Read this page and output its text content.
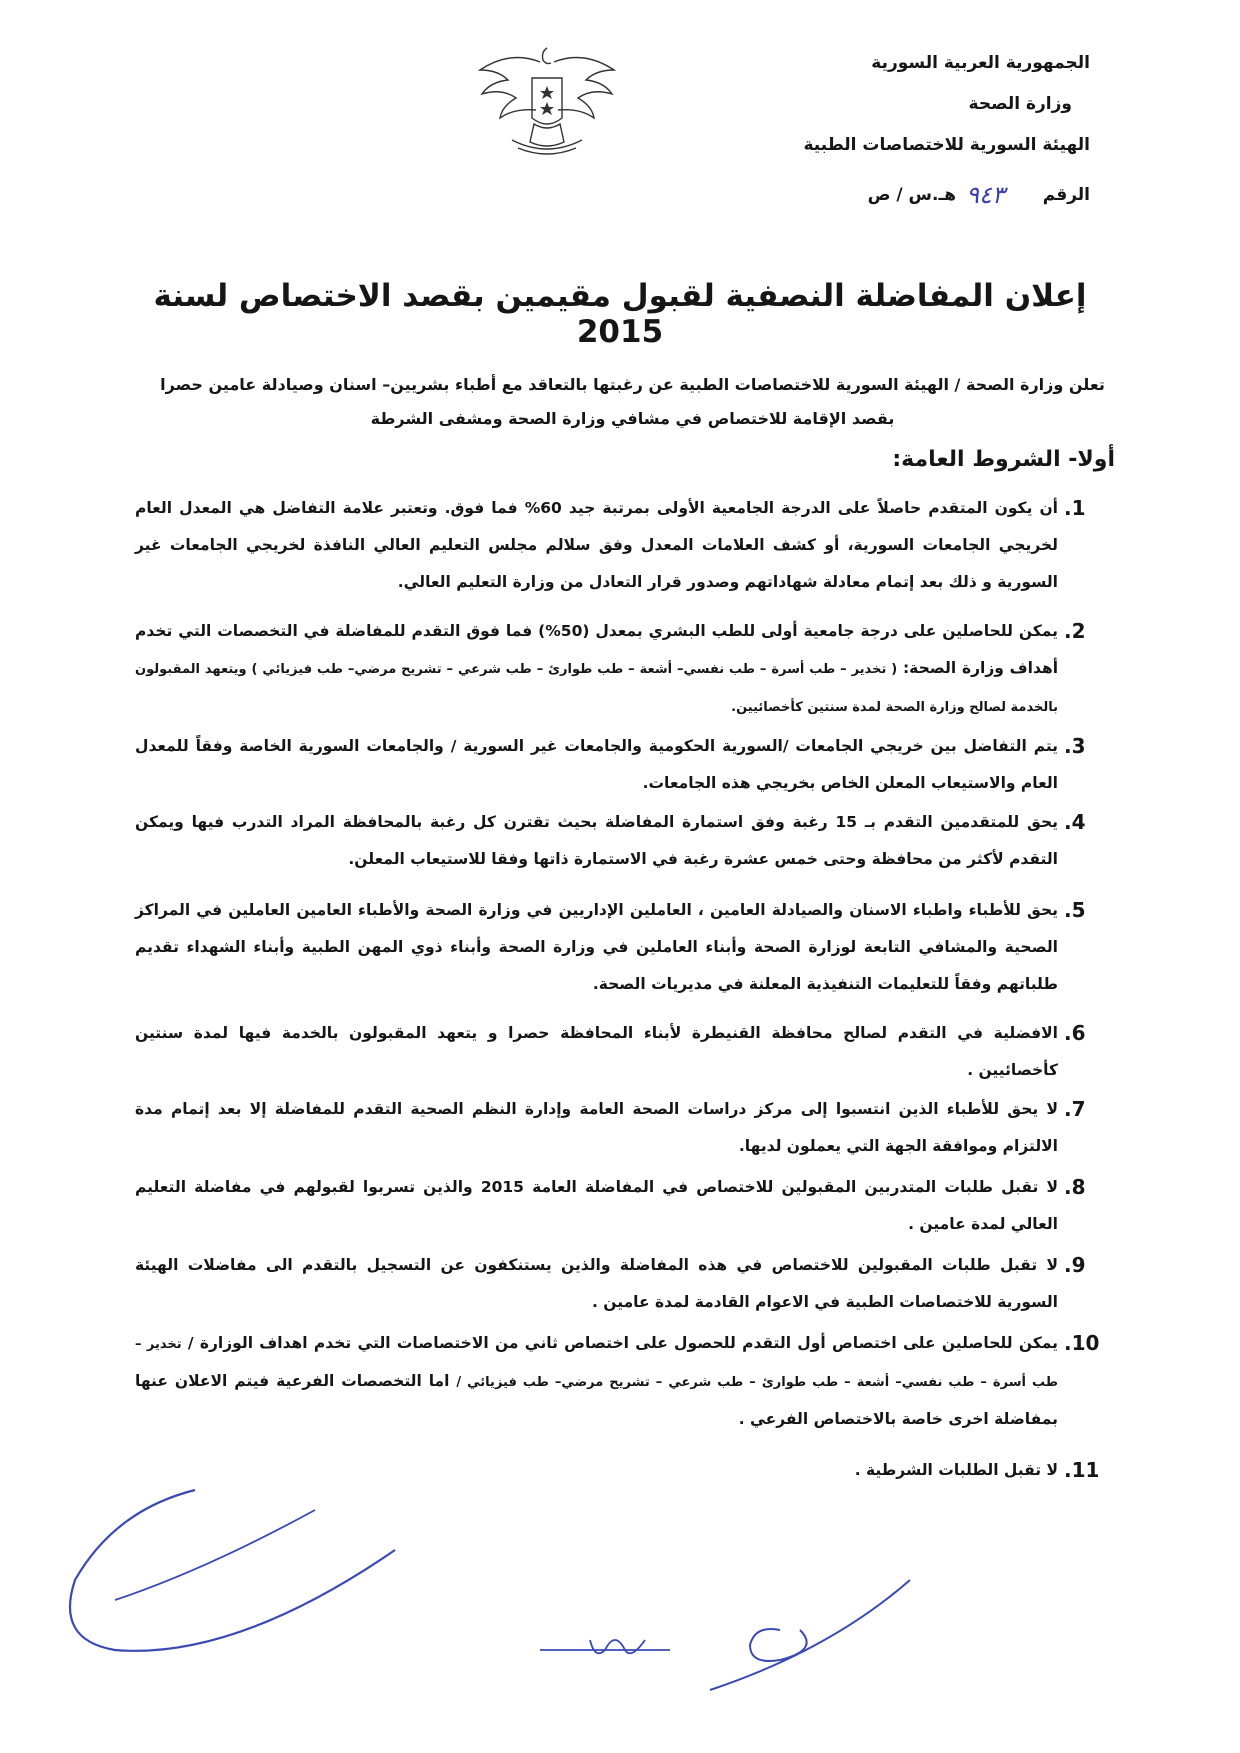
الجمهورية العربية السورية
وزارة الصحة
الهيئة السورية للاختصاصات الطبية
الرقم
٩٤٣
هـ.س / ص
إعلان المفاضلة النصفية لقبول مقيمين بقصد الاختصاص لسنة 2015
تعلن وزارة الصحة / الهيئة السورية للاختصاصات الطبية عن رغبتها بالتعاقد مع أطباء بشريين– اسنان وصيادلة عامين حصرا بقصد الإقامة للاختصاص في مشافي وزارة الصحة ومشفى الشرطة
أولا- الشروط العامة:
1.
أن يكون المتقدم حاصلاً على الدرجة الجامعية الأولى بمرتبة جيد 60% فما فوق. وتعتبر علامة التفاضل هي المعدل العام لخريجي الجامعات السورية، أو كشف العلامات المعدل وفق سلالم مجلس التعليم العالي النافذة لخريجي الجامعات غير السورية و ذلك بعد إتمام معادلة شهاداتهم وصدور قرار التعادل من وزارة التعليم العالي.
2.
يمكن للحاصلين على درجة جامعية أولى للطب البشري بمعدل (50%) فما فوق التقدم للمفاضلة في التخصصات التي تخدم أهداف وزارة الصحة: ( تخدير – طب أسرة – طب نفسي– أشعة – طب طوارئ – طب شرعي – تشريح مرضي– طب فيزيائي ) ويتعهد المقبولون بالخدمة لصالح وزارة الصحة لمدة سنتين كأخصائيين.
3.
يتم التفاضل بين خريجي الجامعات /السورية الحكومية والجامعات غير السورية / والجامعات السورية الخاصة وفقاً للمعدل العام والاستيعاب المعلن الخاص بخريجي هذه الجامعات.
4.
يحق للمتقدمين التقدم بـ 15 رغبة وفق استمارة المفاضلة بحيث تقترن كل رغبة بالمحافظة المراد التدرب فيها ويمكن التقدم لأكثر من محافظة وحتى خمس عشرة رغبة في الاستمارة ذاتها وفقا للاستيعاب المعلن.
5.
يحق للأطباء واطباء الاسنان والصيادلة العامين ، العاملين الإداريين في وزارة الصحة والأطباء العامين العاملين في المراكز الصحية والمشافي التابعة لوزارة الصحة وأبناء العاملين في وزارة الصحة وأبناء ذوي المهن الطبية وأبناء الشهداء تقديم طلباتهم وفقاً للتعليمات التنفيذية المعلنة في مديريات الصحة.
6.
الافضلية في التقدم لصالح محافظة القنيطرة لأبناء المحافظة حصرا و يتعهد المقبولون بالخدمة فيها لمدة سنتين كأخصائيين .
7.
لا يحق للأطباء الذين انتسبوا إلى مركز دراسات الصحة العامة وإدارة النظم الصحية التقدم للمفاضلة إلا بعد إتمام مدة الالتزام وموافقة الجهة التي يعملون لديها.
8.
لا تقبل طلبات المتدربين المقبولين للاختصاص في المفاضلة العامة 2015 والذين تسربوا لقبولهم في مفاضلة التعليم العالي لمدة عامين .
9.
لا تقبل طلبات المقبولين للاختصاص في هذه المفاضلة والذين يستنكفون عن التسجيل بالتقدم الى مفاضلات الهيئة السورية للاختصاصات الطبية في الاعوام القادمة لمدة عامين .
10.
يمكن للحاصلين على اختصاص أول التقدم للحصول على اختصاص ثاني من الاختصاصات التي تخدم اهداف الوزارة / تخدير – طب أسرة – طب نفسي– أشعة – طب طوارئ – طب شرعي – تشريح مرضي– طب فيزيائي / اما التخصصات الفرعية فيتم الاعلان عنها بمفاضلة اخرى خاصة بالاختصاص الفرعي .
11.
لا تقبل الطلبات الشرطية .
